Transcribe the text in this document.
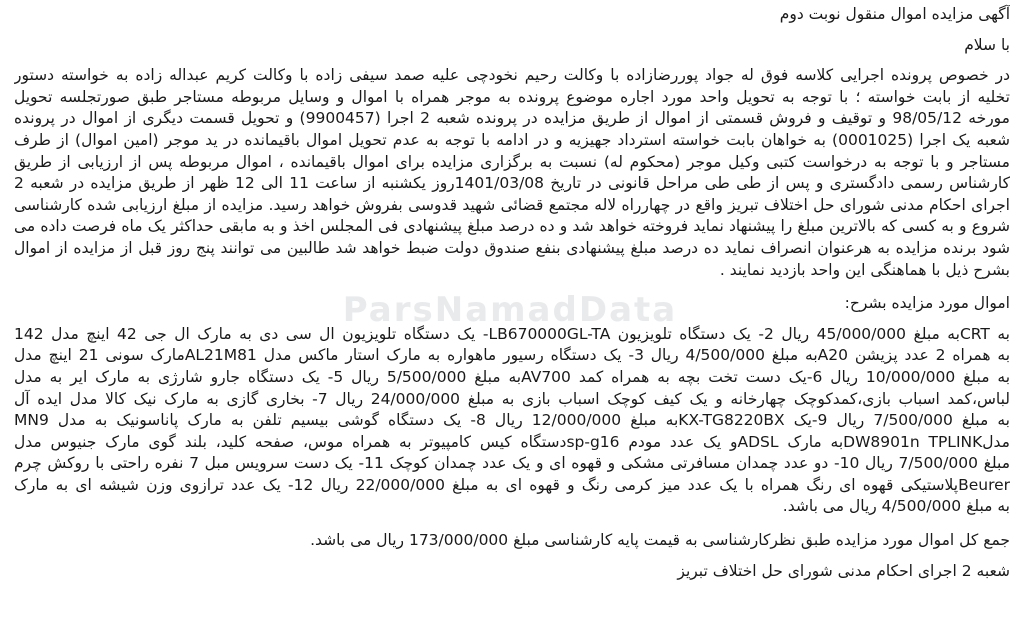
آگهی مزایده اموال منقول نوبت دوم

با سلام

در خصوص پرونده اجرایی کلاسه فوق له جواد پوررضازاده با وکالت رحیم نخودچی علیه صمد سیفی زاده با وکالت کریم عبداله زاده به خواسته دستور

تخلیه از بابت خواسته ؛ با توجه به تحویل واحد مورد اجاره موضوع پرونده به موجر همراه با اموال و وسایل مربوطه مستاجر طبق صورتجلسه تحویل

مورخه 98/05/12 و توقیف و فروش قسمتی از اموال از طریق مزایده در پرونده شعبه 2 اجرا (9900457) و تحویل قسمت دیگری از اموال در پرونده

شعبه یک اجرا (0001025) به خواهان بابت خواسته استرداد جهیزیه و در ادامه با توجه به عدم تحویل اموال باقیمانده در ید موجر (امین اموال) از طرف

مستاجر و با توجه به درخواست کتبی وکیل موجر (محکوم له) نسبت به برگزاری مزایده برای اموال باقیمانده ، اموال مربوطه پس از ارزیابی از طریق

کارشناس رسمی دادگستری و پس از طی طی مراحل قانونی در تاریخ 1401/03/08روز یکشنبه از ساعت 11 الی 12 ظهر از طریق مزایده در شعبه 2

اجرای احکام مدنی شورای حل اختلاف تبریز واقع در چهارراه لاله مجتمع قضائی شهید قدوسی بفروش خواهد رسید. مزایده از مبلغ ارزیابی شده کارشناسی

شروع و به کسی که بالاترین مبلغ را پیشنهاد نماید فروخته خواهد شد و ده درصد مبلغ پیشنهادی فی المجلس اخذ و به مابقی حداکثر یک ماه فرصت داده می

شود برنده مزایده به هرعنوان انصراف نماید ده درصد مبلغ پیشنهادی بنفع صندوق دولت ضبط خواهد شد طالبین می توانند پنج روز قبل از مزایده از اموال

بشرح ذیل با هماهنگی این واحد بازدید نمایند .

اموال مورد مزایده بشرح:

به CRTبه مبلغ 45/000/000 ریال 2- یک دستگاه تلویزیون LB670000GL-TA- یک دستگاه تلویزیون ال سی دی به مارک ال جی 42 اینچ مدل 142

به همراه 2 عدد پزیشن A20به مبلغ 4/500/000 ریال 3- یک دستگاه رسیور ماهواره به مارک استار ماکس مدل AL21M81مارک سونی 21 اینچ مدل

به مبلغ 10/000/000 ریال 6-یک دست تخت بچه به همراه کمد AV700به مبلغ 5/500/000 ریال 5- یک دستگاه جارو شارژی به مارک ایر به مدل

لباس،کمد اسباب بازی،کمدکوچک چهارخانه و یک کیف کوچک اسباب بازی به مبلغ 24/000/000 ریال 7- بخاری گازی به مارک نیک کالا مدل ایده آل

به مبلغ 7/500/000 ریال 9-یک KX-TG8220BXبه مبلغ 12/000/000 ریال 8- یک دستگاه گوشی بیسیم تلفن به مارک پاناسونیک به مدل MN9

مدلDW8901n TPLINKبه مارک ADSLو یک عدد مودم sp-g16دستگاه کیس کامپیوتر به همراه موس، صفحه کلید، بلند گوی مارک جنیوس مدل

مبلغ 7/500/000 ریال 10- دو عدد چمدان مسافرتی مشکی و قهوه ای و یک عدد چمدان کوچک 11- یک دست سرویس مبل 7 نفره راحتی با روکش چرم

Beurerپلاستیکی قهوه ای رنگ همراه با یک عدد میز کرمی رنگ و قهوه ای به مبلغ 22/000/000 ریال 12- یک عدد ترازوی وزن شیشه ای به مارک

به مبلغ 4/500/000 ریال می باشد.

جمع کل اموال مورد مزایده طبق نظرکارشناسی به قیمت پایه کارشناسی مبلغ 173/000/000 ریال می باشد.

شعبه 2 اجرای احکام مدنی شورای حل اختلاف تبریز

ParsNamadData
